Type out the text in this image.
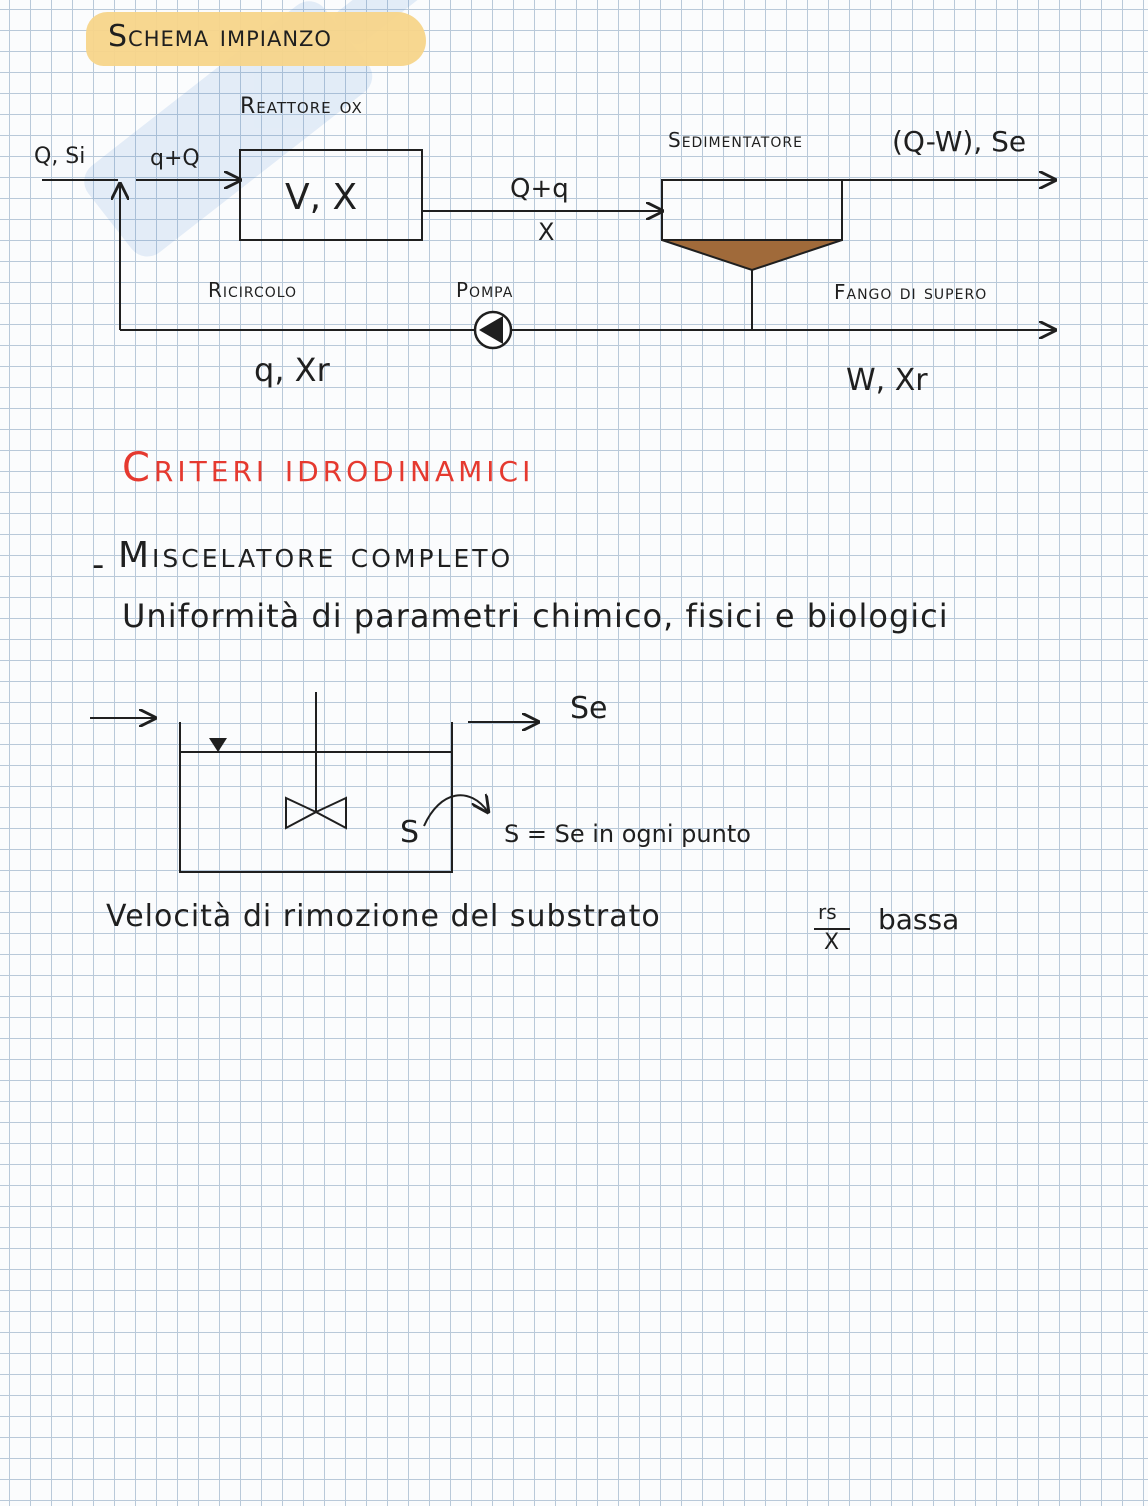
Schema impianzo
Reattore ox
V, X
Q, Si	q+Q
Q+q
X
Sedimentatore	(Q-W), Se
Ricircolo	Pompa
q, Xr
Fango di supero
W, Xr
Criteri idrodinamici
- Miscelatore completo
Uniformità di parametri chimico, fisici e biologici
Se
S	S = Se in ogni punto
Velocità di rimozione del substrato	rs
X
bassa
